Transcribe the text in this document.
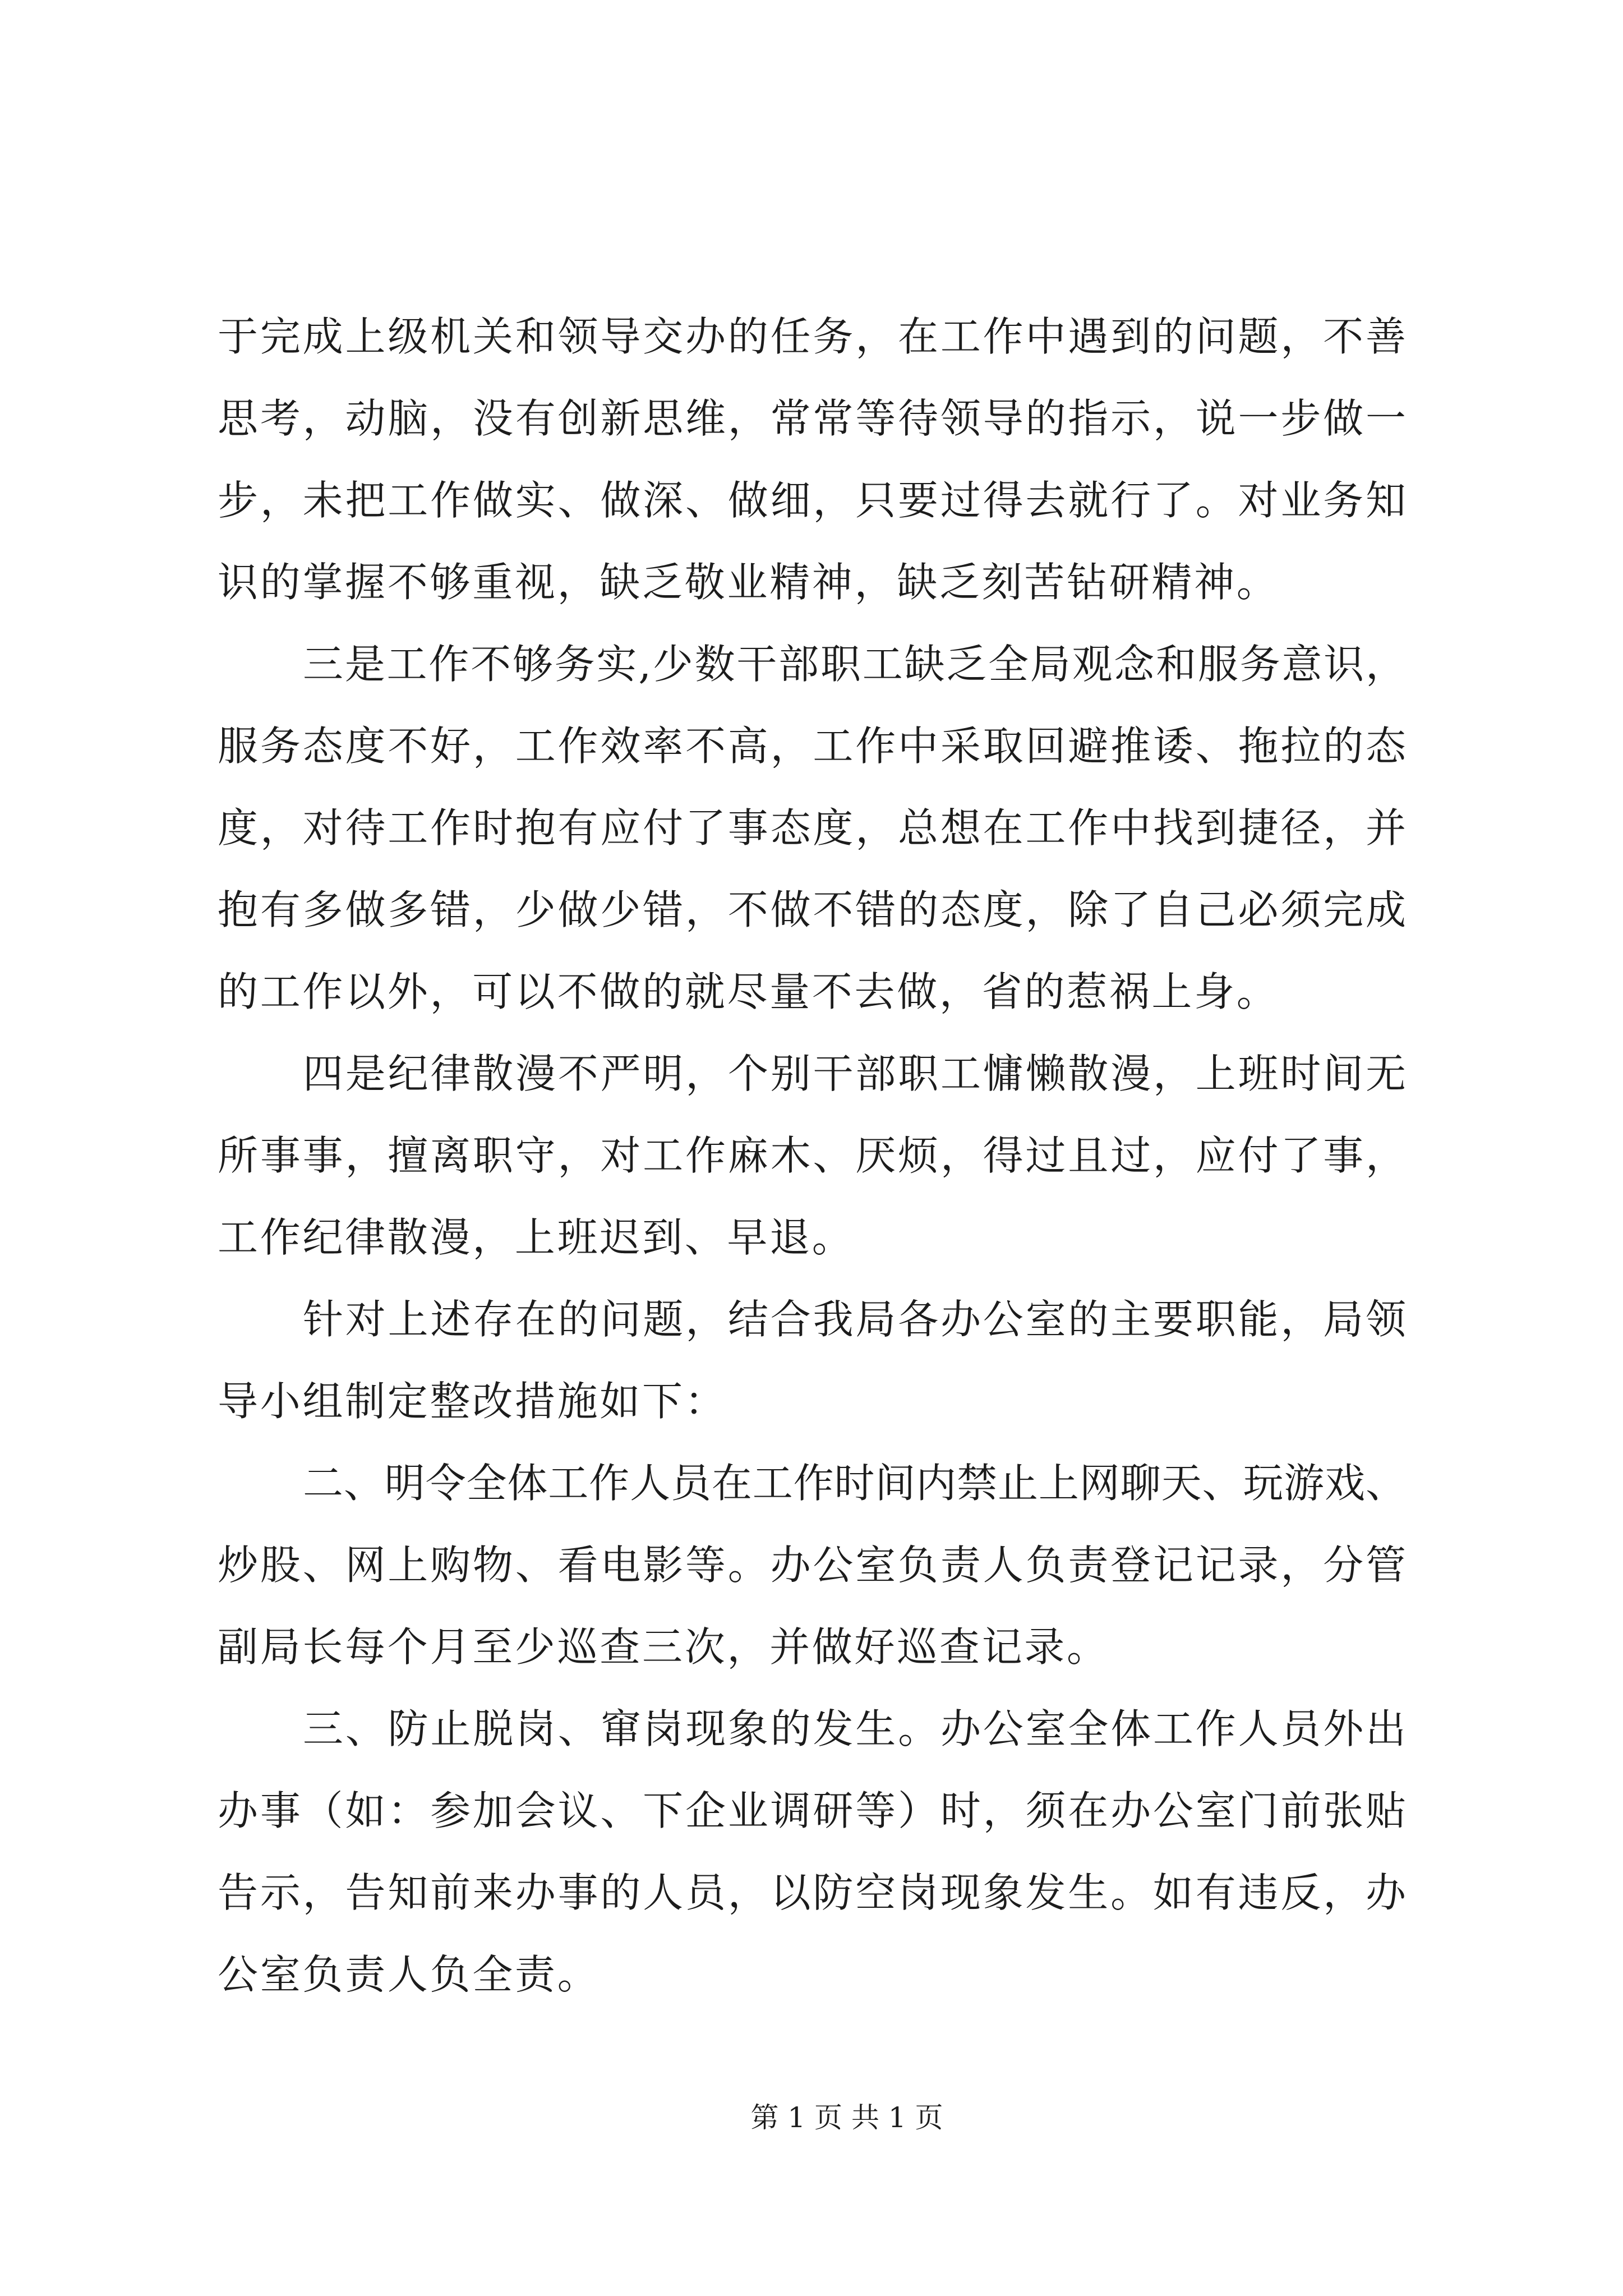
于完成上级机关和领导交办的任务，在工作中遇到的问题，不善
思考，动脑，没有创新思维，常常等待领导的指示，说一步做一
步，未把工作做实、做深、做细，只要过得去就行了。对业务知
识的掌握不够重视，缺乏敬业精神，缺乏刻苦钻研精神。
三是工作不够务实,少数干部职工缺乏全局观念和服务意识，
服务态度不好，工作效率不高，工作中采取回避推诿、拖拉的态
度，对待工作时抱有应付了事态度，总想在工作中找到捷径，并
抱有多做多错，少做少错，不做不错的态度，除了自己必须完成
的工作以外，可以不做的就尽量不去做，省的惹祸上身。
四是纪律散漫不严明，个别干部职工慵懒散漫，上班时间无
所事事，擅离职守，对工作麻木、厌烦，得过且过，应付了事，
工作纪律散漫，上班迟到、早退。
针对上述存在的问题，结合我局各办公室的主要职能，局领
导小组制定整改措施如下：
二、明令全体工作人员在工作时间内禁止上网聊天、玩游戏、
炒股、网上购物、看电影等。办公室负责人负责登记记录，分管
副局长每个月至少巡查三次，并做好巡查记录。
三、防止脱岗、窜岗现象的发生。办公室全体工作人员外出
办事（如：参加会议、下企业调研等）时，须在办公室门前张贴
告示，告知前来办事的人员，以防空岗现象发生。如有违反，办
公室负责人负全责。
第 1 页 共 1 页
